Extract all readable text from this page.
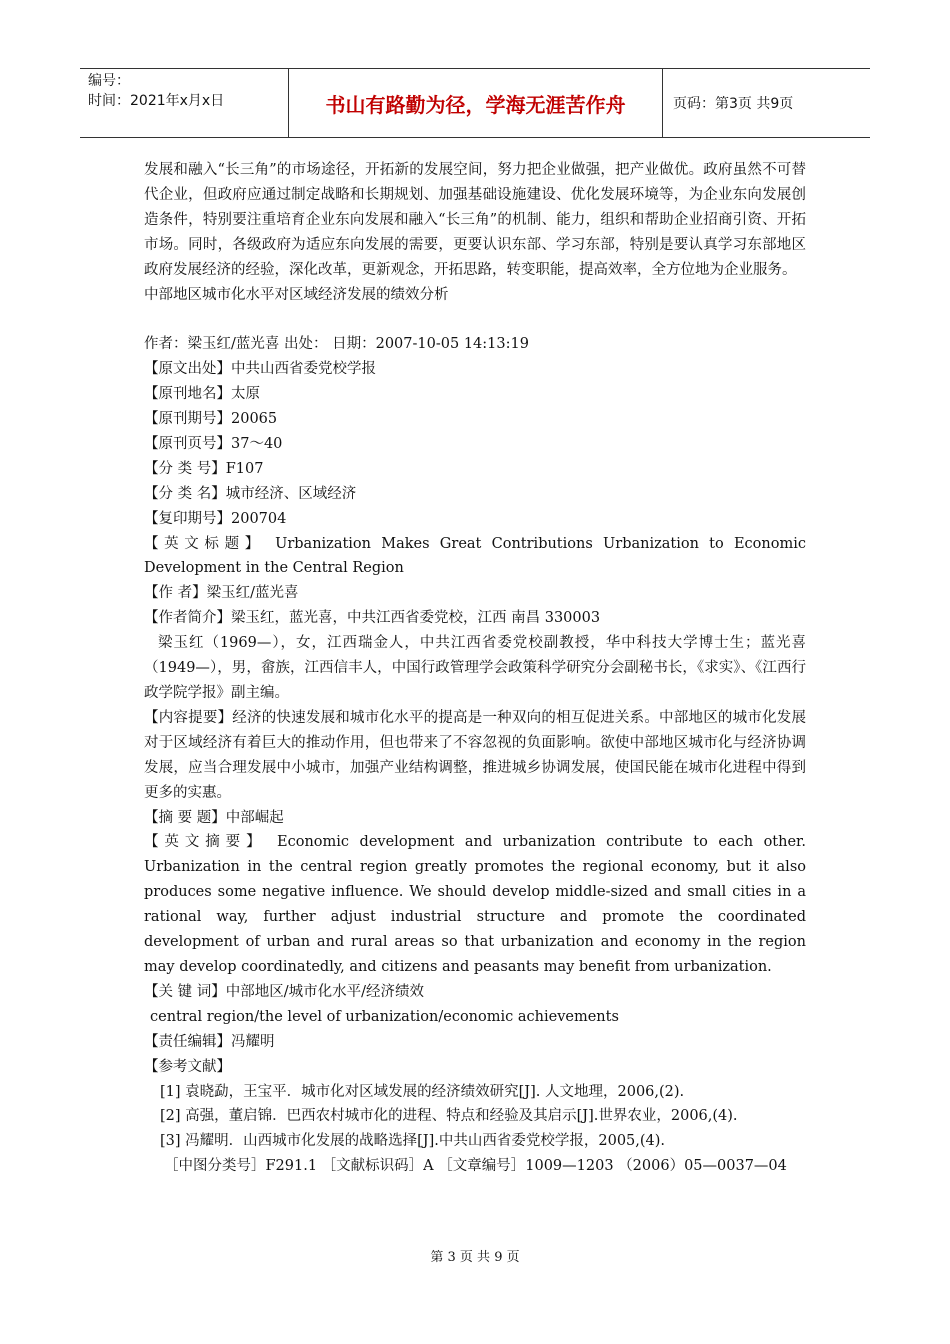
编号：
时间：2021年x月x日	书山有路勤为径，学海无涯苦作舟	页码：第3页 共9页

发展和融入“长三角”的市场途径，开拓新的发展空间，努力把企业做强，把产业做优。政府虽然不可替代企业，但政府应通过制定战略和长期规划、加强基础设施建设、优化发展环境等，为企业东向发展创造条件，特别要注重培育企业东向发展和融入“长三角”的机制、能力，组织和帮助企业招商引资、开拓市场。同时，各级政府为适应东向发展的需要，更要认识东部、学习东部，特别是要认真学习东部地区政府发展经济的经验，深化改革，更新观念，开拓思路，转变职能，提高效率，全方位地为企业服务。

中部地区城市化水平对区域经济发展的绩效分析

作者：梁玉红/蓝光喜 出处： 日期：2007-10-05 14:13:19

【原文出处】中共山西省委党校学报

【原刊地名】太原

【原刊期号】20065

【原刊页号】37～40

【分 类 号】F107

【分 类 名】城市经济、区域经济

【复印期号】200704

【英文标题】 Urbanization Makes Great Contributions Urbanization to Economic Development in the Central Region

【作 者】梁玉红/蓝光喜

【作者简介】梁玉红，蓝光喜，中共江西省委党校，江西 南昌 330003

梁玉红（1969—），女，江西瑞金人，中共江西省委党校副教授，华中科技大学博士生；蓝光喜（1949—），男，畲族，江西信丰人，中国行政管理学会政策科学研究分会副秘书长，《求实》、《江西行政学院学报》副主编。

【内容提要】经济的快速发展和城市化水平的提高是一种双向的相互促进关系。中部地区的城市化发展对于区域经济有着巨大的推动作用，但也带来了不容忽视的负面影响。欲使中部地区城市化与经济协调发展，应当合理发展中小城市，加强产业结构调整，推进城乡协调发展，使国民能在城市化进程中得到更多的实惠。

【摘 要 题】中部崛起

【英文摘要】 Economic development and urbanization contribute to each other. Urbanization in the central region greatly promotes the regional economy, but it also produces some negative influence. We should develop middle-sized and small cities in a rational way, further adjust industrial structure and promote the coordinated development of urban and rural areas so that urbanization and economy in the region may develop coordinatedly, and citizens and peasants may benefit from urbanization.

【关 键 词】中部地区/城市化水平/经济绩效

central region/the level of urbanization/economic achievements

【责任编辑】冯耀明

【参考文献】

[1] 袁晓勐，王宝平．城市化对区域发展的经济绩效研究[J]. 人文地理，2006,(2).

[2] 高强，董启锦．巴西农村城市化的进程、特点和经验及其启示[J].世界农业，2006,(4).

[3] 冯耀明．山西城市化发展的战略选择[J].中共山西省委党校学报，2005,(4).

［中图分类号］F291.1 ［文献标识码］A ［文章编号］1009—1203 （2006）05—0037—04

第 3 页 共 9 页
